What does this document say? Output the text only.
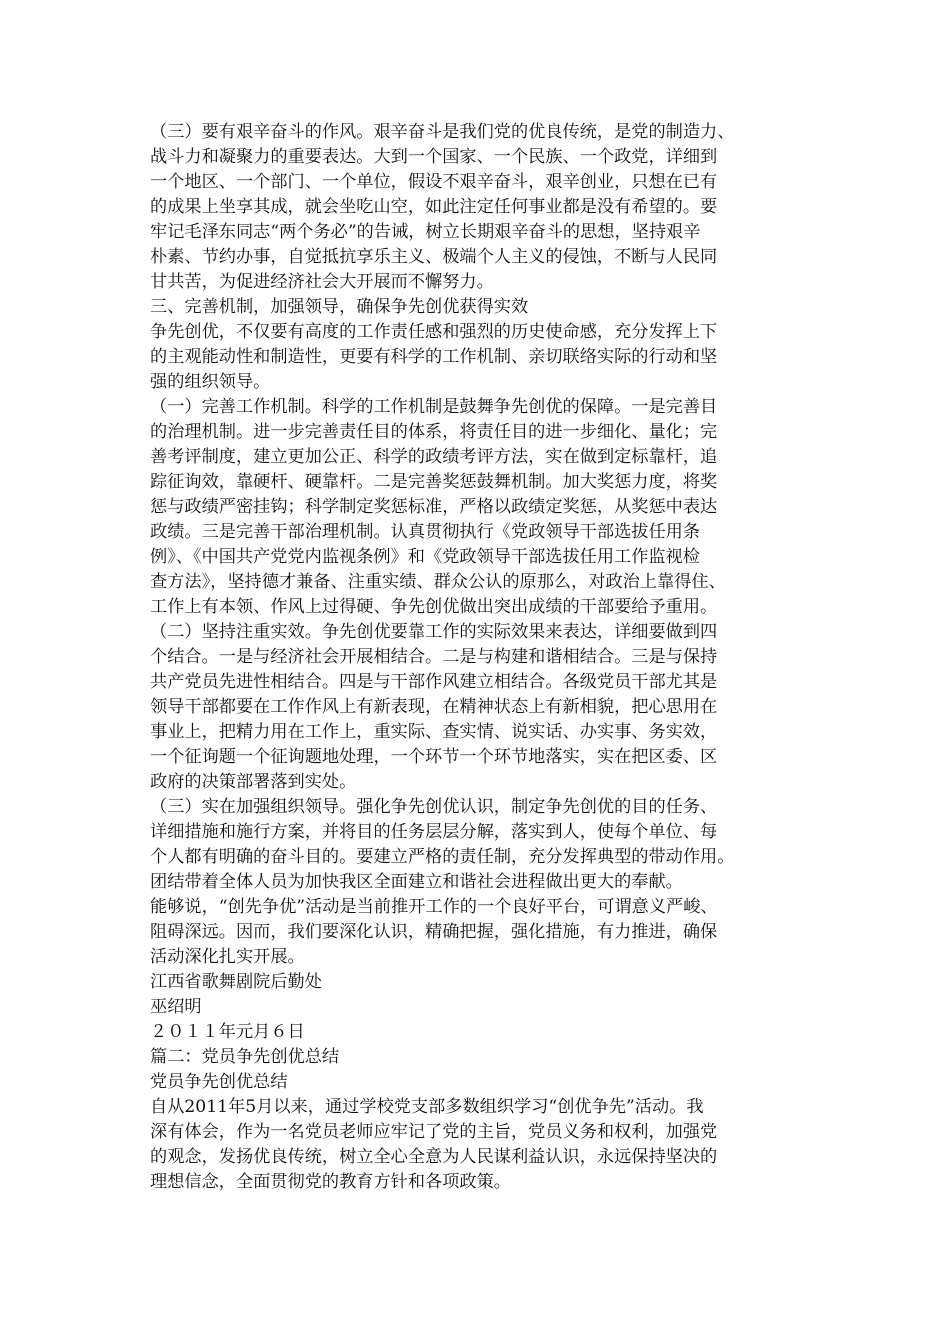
（三）要有艰辛奋斗的作风。艰辛奋斗是我们党的优良传统，是党的制造力、
战斗力和凝聚力的重要表达。大到一个国家、一个民族、一个政党，详细到
一个地区、一个部门、一个单位，假设不艰辛奋斗，艰辛创业，只想在已有
的成果上坐享其成，就会坐吃山空，如此注定任何事业都是没有希望的。要
牢记毛泽东同志“两个务必”的告诫，树立长期艰辛奋斗的思想，坚持艰辛
朴素、节约办事，自觉抵抗享乐主义、极端个人主义的侵蚀，不断与人民同
甘共苦，为促进经济社会大开展而不懈努力。
三、完善机制，加强领导，确保争先创优获得实效
争先创优，不仅要有高度的工作责任感和强烈的历史使命感，充分发挥上下
的主观能动性和制造性，更要有科学的工作机制、亲切联络实际的行动和坚
强的组织领导。
（一）完善工作机制。科学的工作机制是鼓舞争先创优的保障。一是完善目
的治理机制。进一步完善责任目的体系，将责任目的进一步细化、量化；完
善考评制度，建立更加公正、科学的政绩考评方法，实在做到定标靠杆，追
踪征询效，靠硬杆、硬靠杆。二是完善奖惩鼓舞机制。加大奖惩力度，将奖
惩与政绩严密挂钩；科学制定奖惩标准，严格以政绩定奖惩，从奖惩中表达
政绩。三是完善干部治理机制。认真贯彻执行《党政领导干部选拔任用条
例》、《中国共产党党内监视条例》和《党政领导干部选拔任用工作监视检
查方法》，坚持德才兼备、注重实绩、群众公认的原那么，对政治上靠得住、
工作上有本领、作风上过得硬、争先创优做出突出成绩的干部要给予重用。
（二）坚持注重实效。争先创优要靠工作的实际效果来表达，详细要做到四
个结合。一是与经济社会开展相结合。二是与构建和谐相结合。三是与保持
共产党员先进性相结合。四是与干部作风建立相结合。各级党员干部尤其是
领导干部都要在工作作风上有新表现，在精神状态上有新相貌，把心思用在
事业上，把精力用在工作上，重实际、查实情、说实话、办实事、务实效，
一个征询题一个征询题地处理，一个环节一个环节地落实，实在把区委、区
政府的决策部署落到实处。
（三）实在加强组织领导。强化争先创优认识，制定争先创优的目的任务、
详细措施和施行方案，并将目的任务层层分解，落实到人，使每个单位、每
个人都有明确的奋斗目的。要建立严格的责任制，充分发挥典型的带动作用。
团结带着全体人员为加快我区全面建立和谐社会进程做出更大的奉献。
能够说，“创先争优”活动是当前推开工作的一个良好平台，可谓意义严峻、
阻碍深远。因而，我们要深化认识，精确把握，强化措施，有力推进，确保
活动深化扎实开展。
江西省歌舞剧院后勤处
巫绍明
２０１１年元月６日
篇二：党员争先创优总结
党员争先创优总结
自从2011年5月以来，通过学校党支部多数组织学习“创优争先”活动。我
深有体会，作为一名党员老师应牢记了党的主旨，党员义务和权利，加强党
的观念，发扬优良传统，树立全心全意为人民谋利益认识，永远保持坚决的
理想信念，全面贯彻党的教育方针和各项政策。
